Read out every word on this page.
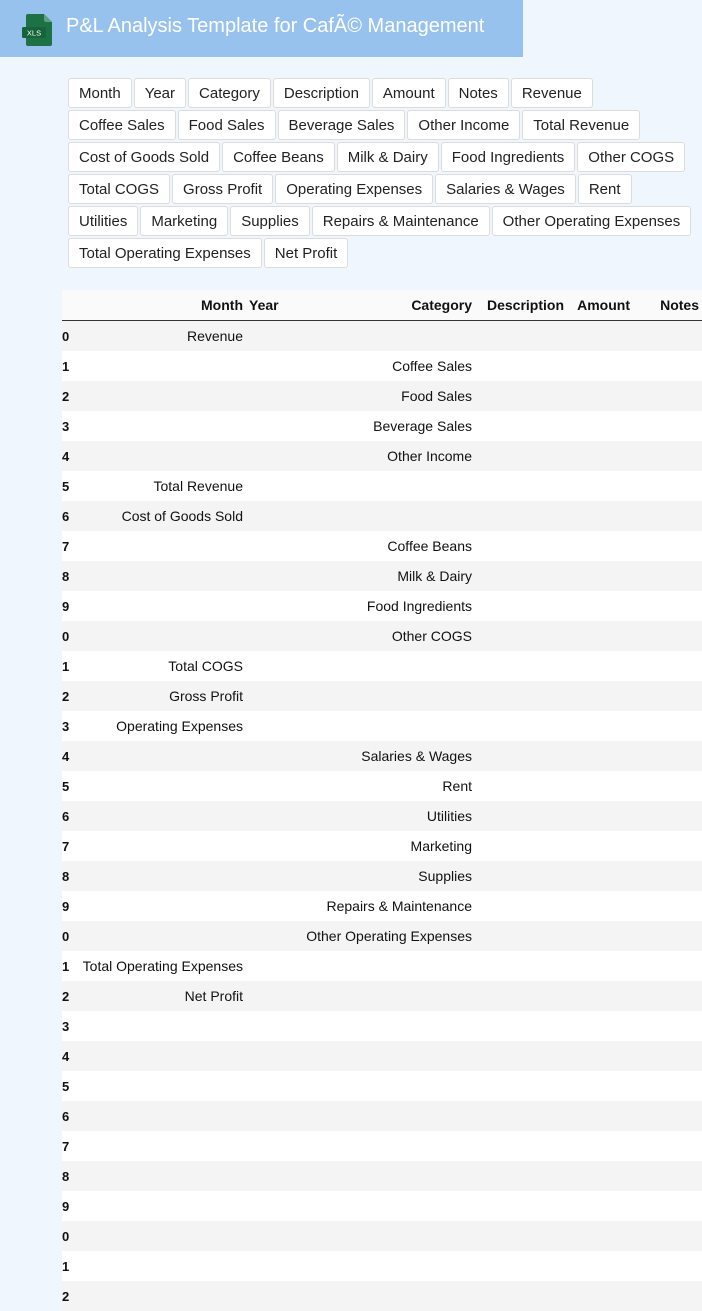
XLS P&L Analysis Template for CafÃ© Management
Month	Year	Category	Description	Amount	Notes	Revenue
Coffee Sales	Food Sales	Beverage Sales	Other Income	Total Revenue
Cost of Goods Sold	Coffee Beans	Milk & Dairy	Food Ingredients	Other COGS
Total COGS	Gross Profit	Operating Expenses	Salaries & Wages	Rent
Utilities	Marketing	Supplies	Repairs & Maintenance	Other Operating Expenses
Total Operating Expenses	Net Profit
	Month	Year	Category	Description	Amount	Notes
0	Revenue					
1			Coffee Sales			
2			Food Sales			
3			Beverage Sales			
4			Other Income			
5	Total Revenue					
6	Cost of Goods Sold					
7			Coffee Beans			
8			Milk & Dairy			
9			Food Ingredients			
0			Other COGS			
1	Total COGS					
2	Gross Profit					
3	Operating Expenses					
4			Salaries & Wages			
5			Rent			
6			Utilities			
7			Marketing			
8			Supplies			
9			Repairs & Maintenance			
0			Other Operating Expenses			
1	Total Operating Expenses					
2	Net Profit					
3						
4						
5						
6						
7						
8						
9						
0						
1						
2						
